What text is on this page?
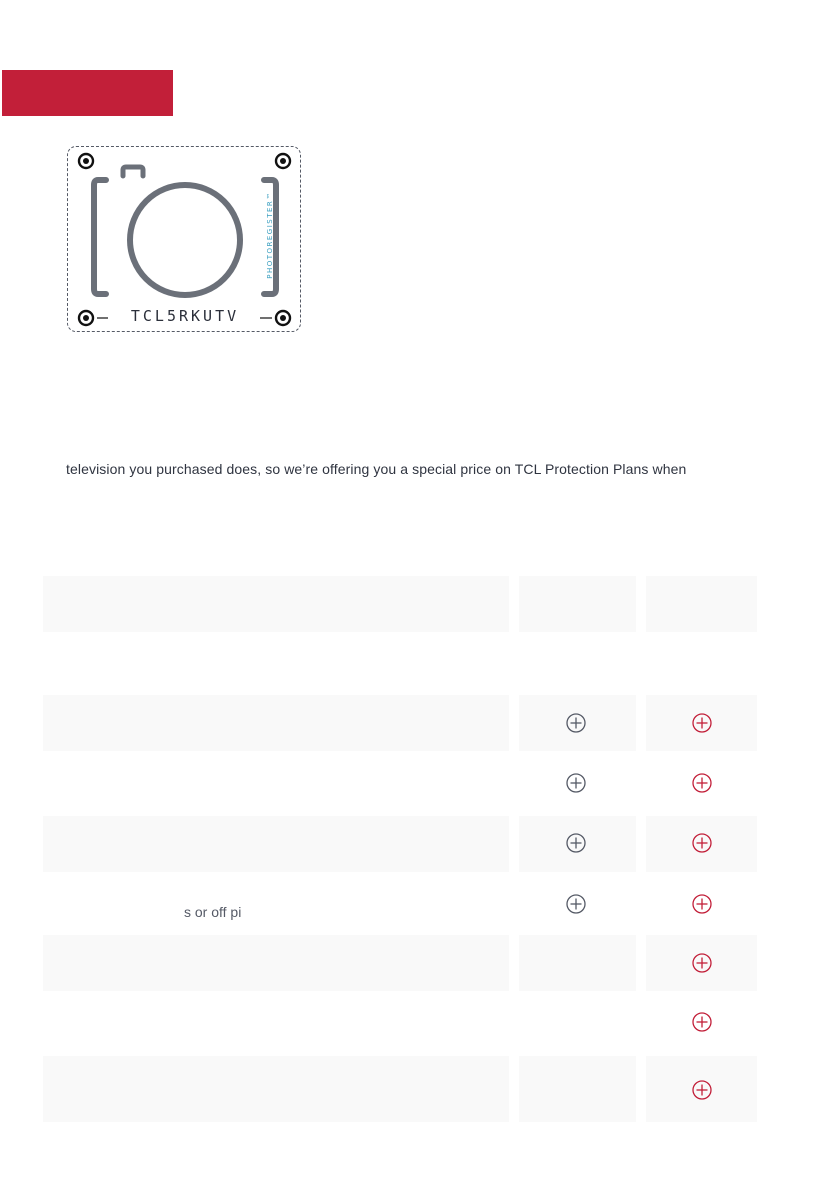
PHOTOREGISTER™
TCL5RKUTV
television you purchased does, so we’re offering you a special price on TCL Protection Plans when
s or off pi
